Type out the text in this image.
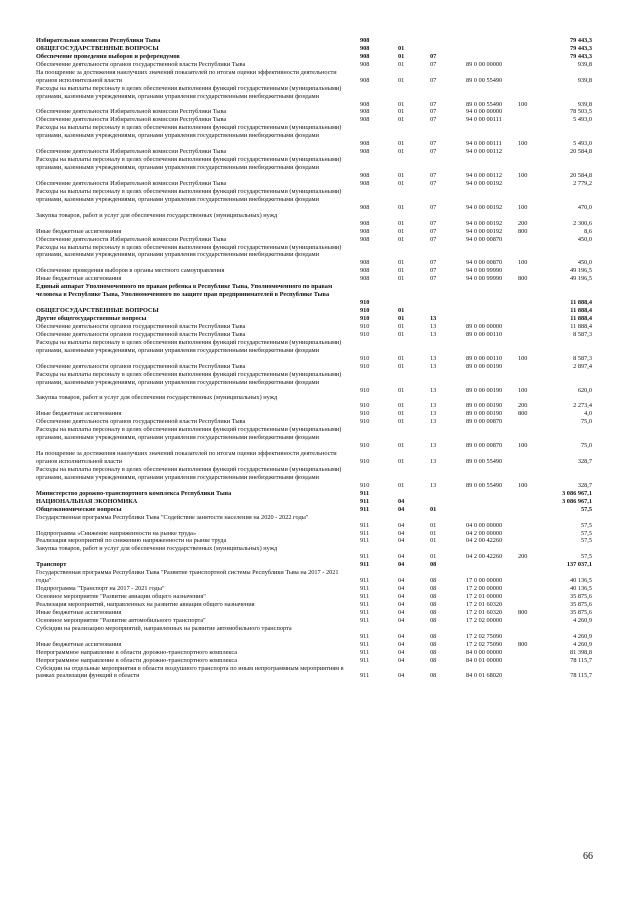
Избирательная комиссия Республики Тыва	908	79 443,3
ОБЩЕГОСУДАРСТВЕННЫЕ ВОПРОСЫ	908	01	79 443,3
Обеспечение проведения выборов и референдумов	908	01	07	79 443,3
Обеспечение деятельности органов государственной власти Республики Тыва	908	01	07	89 0 00 00000	939,8
На поощрение за достижения наилучших значений показателей по итогам оценки эффективности деятельности органов исполнительной власти	908	01	07	89 0 00 55490	939,8
Расходы на выплаты персоналу в целях обеспечения выполнения функций государственными (муниципальными) органами, казенными учреждениями, органами управления государственными внебюджетными фондами
908	01	07	89 0 00 55490	100	939,8
Обеспечение деятельности Избирательной комиссии Республики Тыва	908	01	07	94 0 00 00000	78 503,5
Обеспечение деятельности Избирательной комиссии Республики Тыва	908	01	07	94 0 00 00111	5 493,0
Расходы на выплаты персоналу в целях обеспечения выполнения функций государственными (муниципальными) органами, казенными учреждениями, органами управления государственными внебюджетными фондами
908	01	07	94 0 00 00111	100	5 493,0
Обеспечение деятельности Избирательной комиссии Республики Тыва	908	01	07	94 0 00 00112	20 584,8
Расходы на выплаты персоналу в целях обеспечения выполнения функций государственными (муниципальными) органами, казенными учреждениями, органами управления государственными внебюджетными фондами
908	01	07	94 0 00 00112	100	20 584,8
Обеспечение деятельности Избирательной комиссии Республики Тыва	908	01	07	94 0 00 00192	2 779,2
Расходы на выплаты персоналу в целях обеспечения выполнения функций государственными (муниципальными) органами, казенными учреждениями, органами управления государственными внебюджетными фондами
908	01	07	94 0 00 00192	100	470,0
Закупка товаров, работ и услуг для обеспечения государственных (муниципальных) нужд
908	01	07	94 0 00 00192	200	2 300,6
Иные бюджетные ассигнования	908	01	07	94 0 00 00192	800	8,6
Обеспечение деятельности Избирательной комиссии Республики Тыва	908	01	07	94 0 00 00870	450,0
Расходы на выплаты персоналу в целях обеспечения выполнения функций государственными (муниципальными) органами, казенными учреждениями, органами управления государственными внебюджетными фондами
908	01	07	94 0 00 00870	100	450,0
Обеспечение проведения выборов в органы местного самоуправления	908	01	07	94 0 00 99990	49 196,5
Иные бюджетные ассигнования	908	01	07	94 0 00 99990	800	49 196,5
Единый аппарат Уполномоченного по правам ребенка в Республике Тыва, Уполномоченного по правам человека в Республике Тыва, Уполномоченного по защите прав предпринимателей в Республике Тыва
910	11 888,4
ОБЩЕГОСУДАРСТВЕННЫЕ ВОПРОСЫ	910	01	11 888,4
Другие общегосударственные вопросы	910	01	13	11 888,4
Обеспечение деятельности органов государственной власти Республики Тыва	910	01	13	89 0 00 00000	11 888,4
Обеспечение деятельности органов государственной власти Республики Тыва	910	01	13	89 0 00 00110	8 587,3
Расходы на выплаты персоналу в целях обеспечения выполнения функций государственными (муниципальными) органами, казенными учреждениями, органами управления государственными внебюджетными фондами
910	01	13	89 0 00 00110	100	8 587,3
Обеспечение деятельности органов государственной власти Республики Тыва	910	01	13	89 0 00 00190	2 897,4
Расходы на выплаты персоналу в целях обеспечения выполнения функций государственными (муниципальными) органами, казенными учреждениями, органами управления государственными внебюджетными фондами
910	01	13	89 0 00 00190	100	620,0
Закупка товаров, работ и услуг для обеспечения государственных (муниципальных) нужд
910	01	13	89 0 00 00190	200	2 273,4
Иные бюджетные ассигнования	910	01	13	89 0 00 00190	800	4,0
Обеспечение деятельности органов государственной власти Республики Тыва	910	01	13	89 0 00 00870	75,0
Расходы на выплаты персоналу в целях обеспечения выполнения функций государственными (муниципальными) органами, казенными учреждениями, органами управления государственными внебюджетными фондами
910	01	13	89 0 00 00870	100	75,0
На поощрение за достижения наилучших значений показателей по итогам оценки эффективности деятельности органов исполнительной власти	910	01	13	89 0 00 55490	328,7
Расходы на выплаты персоналу в целях обеспечения выполнения функций государственными (муниципальными) органами, казенными учреждениями, органами управления государственными внебюджетными фондами
910	01	13	89 0 00 55490	100	328,7
Министерство дорожно-транспортного комплекса Республики Тыва	911	3 086 967,1
НАЦИОНАЛЬНАЯ ЭКОНОМИКА	911	04	3 086 967,1
Общеэкономические вопросы	911	04	01	57,5
Государственная программа Республики Тыва "Содействие занятости населения на 2020 - 2022 годы"
911	04	01	04 0 00 00000	57,5
Подпрограмма «Снижение напряженности на рынке труда»	911	04	01	04 2 00 00000	57,5
Реализация мероприятий по снижению напряженности на рынке труда	911	04	01	04 2 00 42260	57,5
Закупка товаров, работ и услуг для обеспечения государственных (муниципальных) нужд
911	04	01	04 2 00 42260	200	57,5
Транспорт	911	04	08	137 037,1
Государственная программа Республики Тыва "Развитие транспортной системы Республики Тыва на 2017 - 2021 годы"	911	04	08	17 0 00 00000	40 136,5
Подпрограмма "Транспорт на 2017 - 2021 годы"	911	04	08	17 2 00 00000	40 136,5
Основное мероприятие "Развитие авиации общего назначения"	911	04	08	17 2 01 00000	35 875,6
Реализация мероприятий, направленных на развитие авиации общего назначения	911	04	08	17 2 01 60320	35 875,6
Иные бюджетные ассигнования	911	04	08	17 2 01 60320	800	35 875,6
Основное мероприятие "Развитие автомобильного транспорта"	911	04	08	17 2 02 00000	4 260,9
Субсидии на реализацию мероприятий, направленных на развитие автомобильного транспорта
911	04	08	17 2 02 75090	4 260,9
Иные бюджетные ассигнования	911	04	08	17 2 02 75090	800	4 260,9
Непрограммное направление в области дорожно-транспортного комплекса	911	04	08	84 0 00 00000	81 398,8
Непрограммное направление в области дорожно-транспортного комплекса	911	04	08	84 0 01 00000	78 115,7
Субсидии на отдельные мероприятия в области воздушного транспорта по иным непрограммным мероприятиям в рамках реализации функций в области	911	04	08	84 0 01 68020	78 115,7
66
